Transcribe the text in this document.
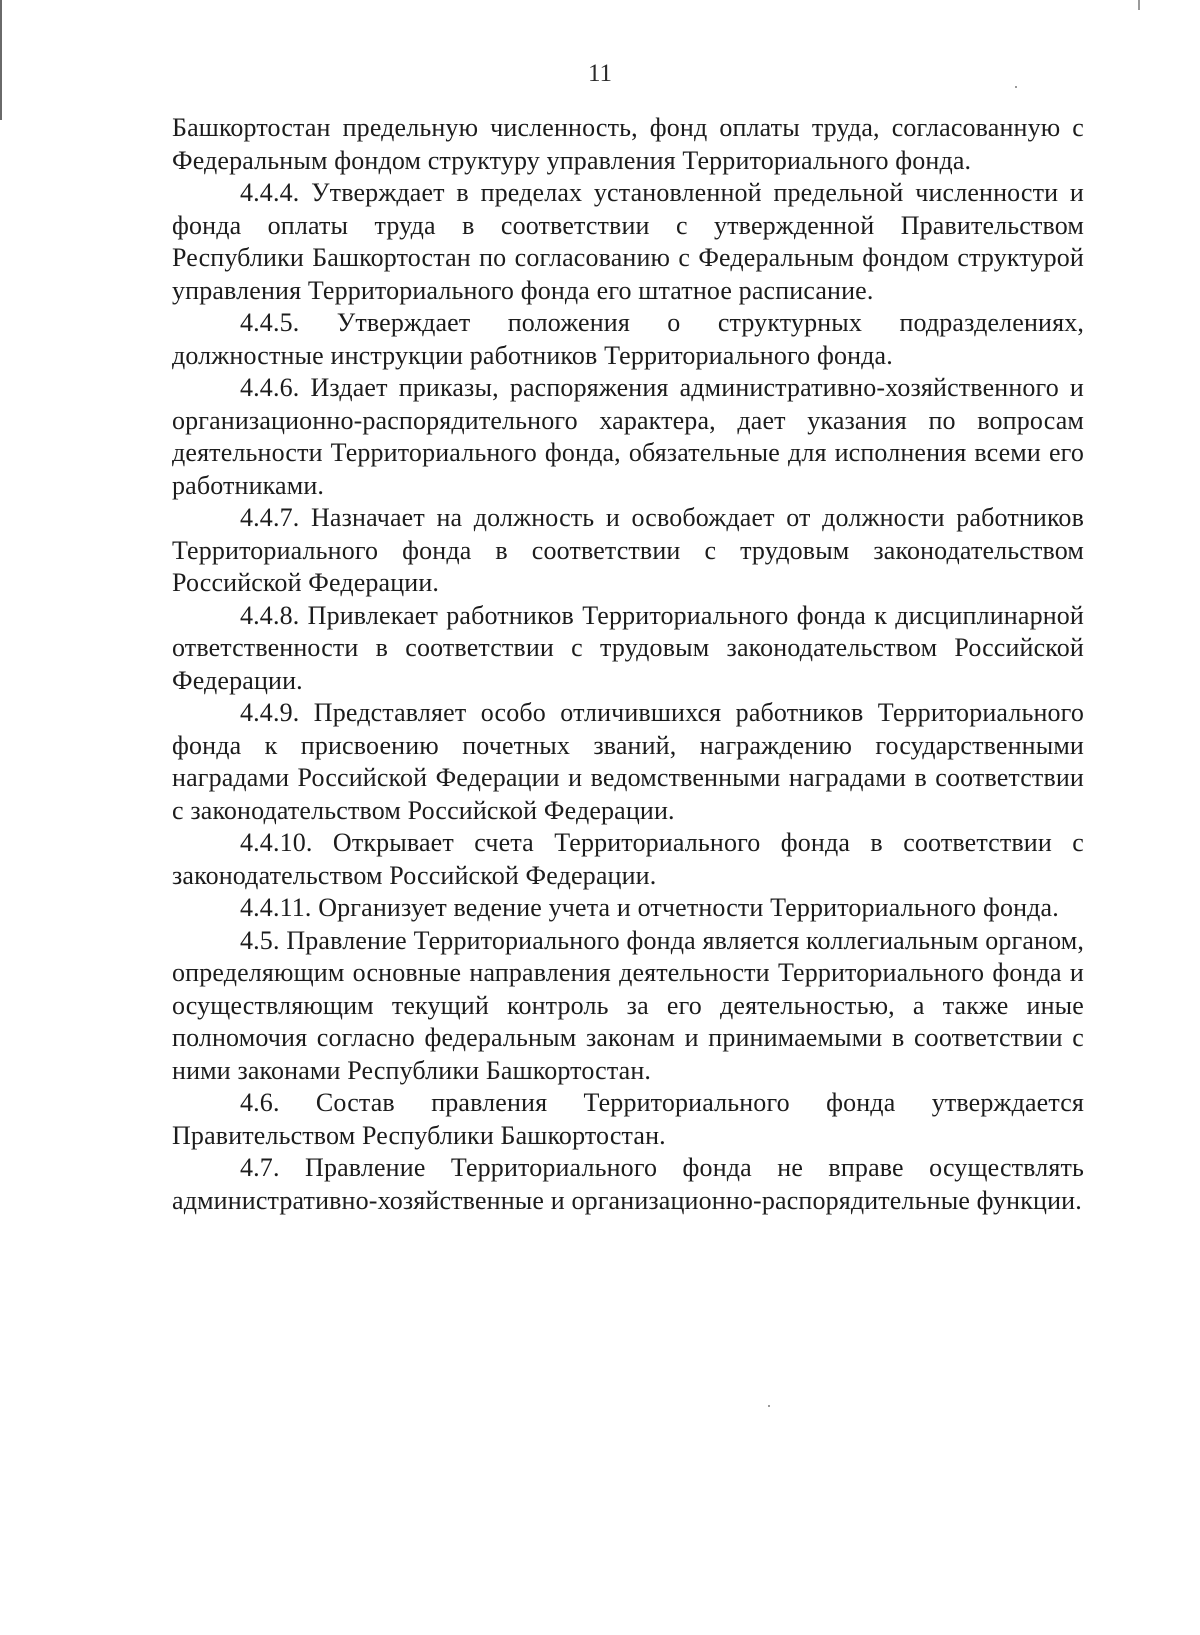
11

Башкортостан предельную численность, фонд оплаты труда, согласованную с Федеральным фондом структуру управления Территориального фонда.

4.4.4. Утверждает в пределах установленной предельной численности и фонда оплаты труда в соответствии с утвержденной Правительством Республики Башкортостан по согласованию с Федеральным фондом структурой управления Территориального фонда его штатное расписание.

4.4.5. Утверждает положения о структурных подразделениях, должностные инструкции работников Территориального фонда.

4.4.6. Издает приказы, распоряжения административно-хозяйственного и организационно-распорядительного характера, дает указания по вопросам деятельности Территориального фонда, обязательные для исполнения всеми его работниками.

4.4.7. Назначает на должность и освобождает от должности работников Территориального фонда в соответствии с трудовым законодательством Российской Федерации.

4.4.8. Привлекает работников Территориального фонда к дисциплинарной ответственности в соответствии с трудовым законодательством Российской Федерации.

4.4.9. Представляет особо отличившихся работников Территориального фонда к присвоению почетных званий, награждению государственными наградами Российской Федерации и ведомственными наградами в соответствии с законодательством Российской Федерации.

4.4.10. Открывает счета Территориального фонда в соответствии с законодательством Российской Федерации.

4.4.11. Организует ведение учета и отчетности Территориального фонда.

4.5. Правление Территориального фонда является коллегиальным органом, определяющим основные направления деятельности Территориального фонда и осуществляющим текущий контроль за его деятельностью, а также иные полномочия согласно федеральным законам и принимаемыми в соответствии с ними законами Республики Башкортостан.

4.6. Состав правления Территориального фонда утверждается Правительством Республики Башкортостан.

4.7. Правление Территориального фонда не вправе осуществлять административно-хозяйственные и организационно-распорядительные функции.
